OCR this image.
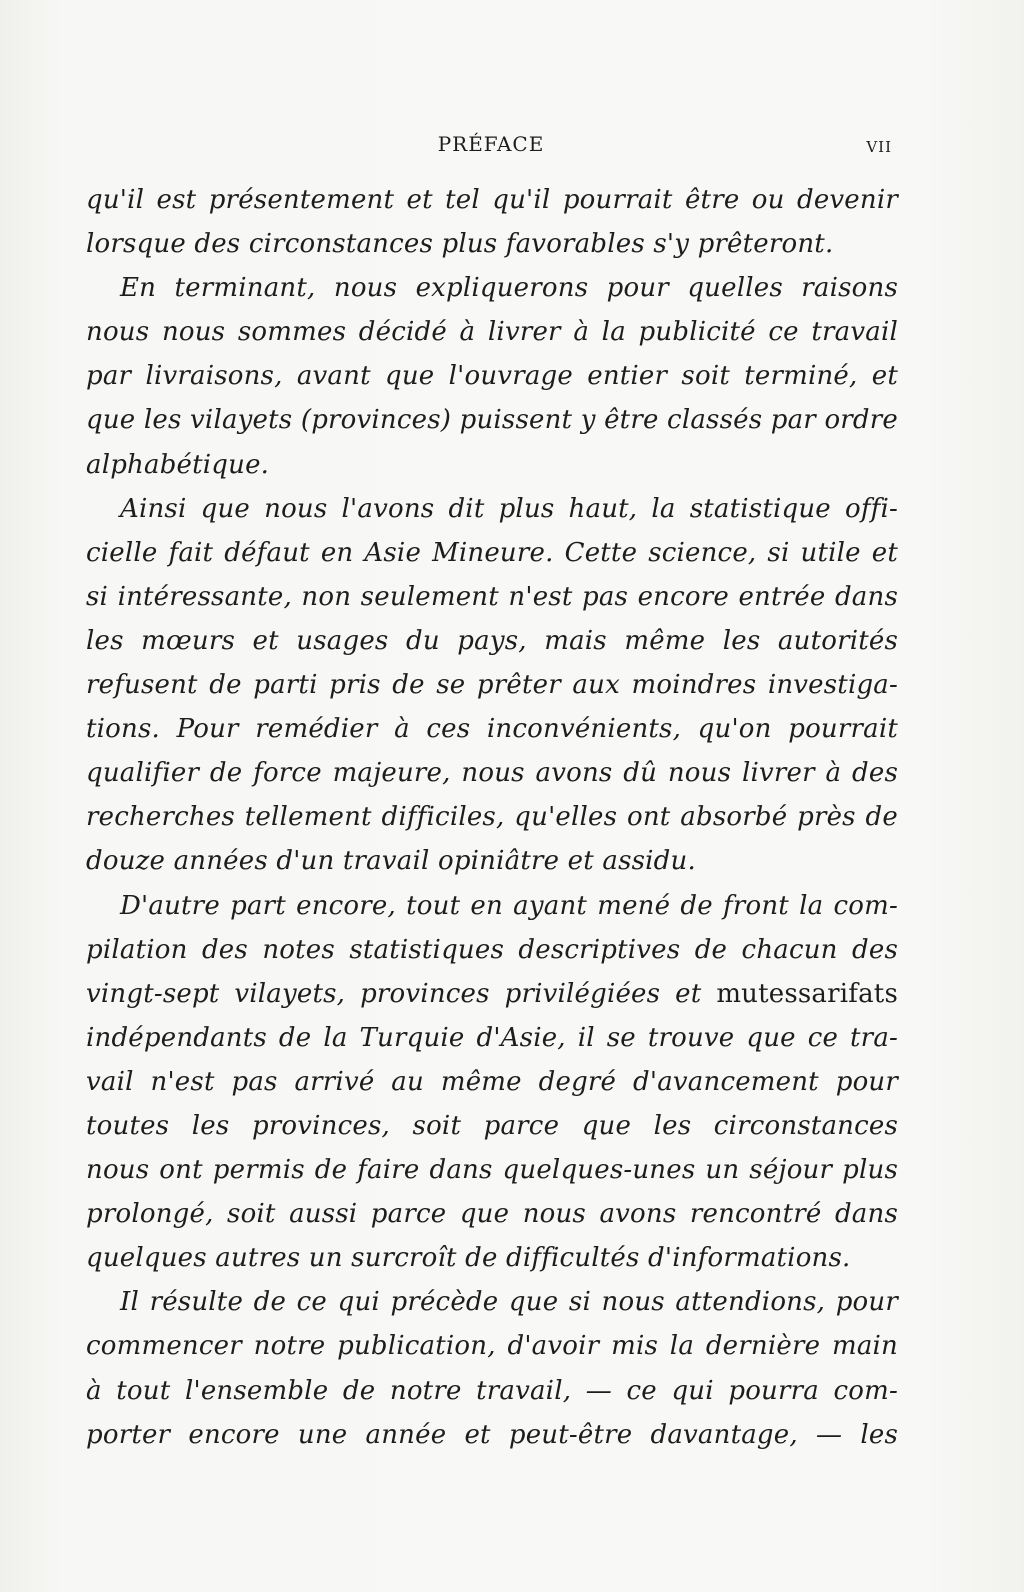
PRÉFACE	VII

qu'il est présentement et tel qu'il pourrait être ou devenir
lorsque des circonstances plus favorables s'y prêteront.

En terminant, nous expliquerons pour quelles raisons
nous nous sommes décidé à livrer à la publicité ce travail
par livraisons, avant que l'ouvrage entier soit terminé, et
que les vilayets (provinces) puissent y être classés par ordre
alphabétique.

Ainsi que nous l'avons dit plus haut, la statistique offi-
cielle fait défaut en Asie Mineure. Cette science, si utile et
si intéressante, non seulement n'est pas encore entrée dans
les mœurs et usages du pays, mais même les autorités
refusent de parti pris de se prêter aux moindres investiga-
tions. Pour remédier à ces inconvénients, qu'on pourrait
qualifier de force majeure, nous avons dû nous livrer à des
recherches tellement difficiles, qu'elles ont absorbé près de
douze années d'un travail opiniâtre et assidu.

D'autre part encore, tout en ayant mené de front la com-
pilation des notes statistiques descriptives de chacun des
vingt-sept vilayets, provinces privilégiées et mutessarifats
indépendants de la Turquie d'Asie, il se trouve que ce tra-
vail n'est pas arrivé au même degré d'avancement pour
toutes les provinces, soit parce que les circonstances
nous ont permis de faire dans quelques-unes un séjour plus
prolongé, soit aussi parce que nous avons rencontré dans
quelques autres un surcroît de difficultés d'informations.

Il résulte de ce qui précède que si nous attendions, pour
commencer notre publication, d'avoir mis la dernière main
à tout l'ensemble de notre travail, — ce qui pourra com-
porter encore une année et peut-être davantage, — les
